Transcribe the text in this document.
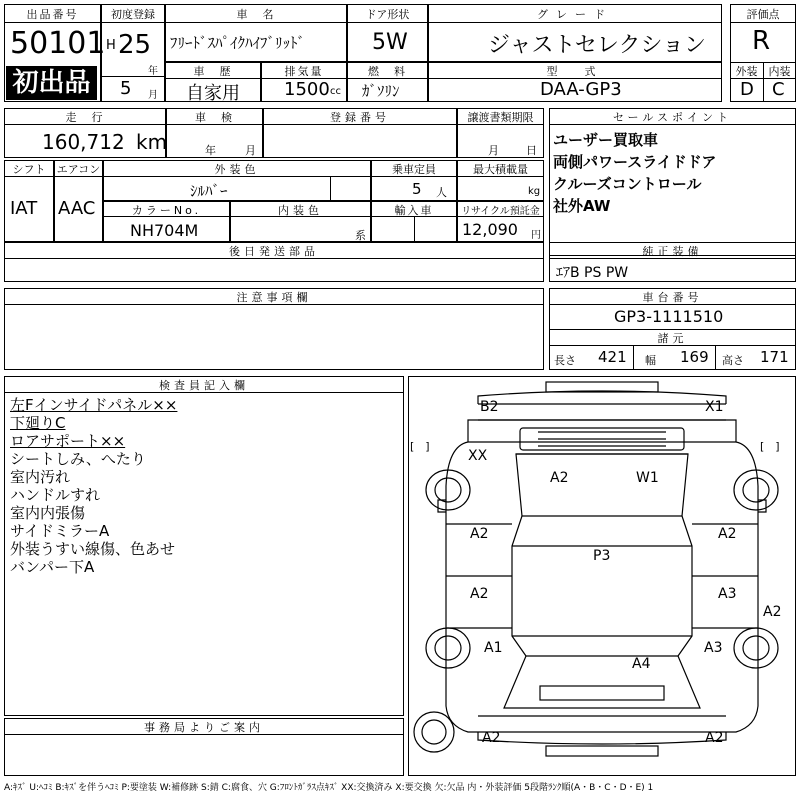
出品番号
50101
初出品
初度登録
H 25
年
5 月
車　名
ﾌﾘｰﾄﾞｽﾊﾟｲｸﾊｲﾌﾞﾘｯﾄﾞ
ドア形状
5W
グレード
ジャストセレクション
評価点
R
外装	内装
D C
車　歴
自家用
排気量
1500 cc
燃　料
ｶﾞｿﾘﾝ
型　式
DAA-GP3
走　行
160,712 km
車　検
年	月
登録番号	譲渡書類期限
月 日
セールスポイント
ユーザー買取車
両側パワースライドドア
クルーズコントロール
社外AW
シフト
IAT
エアコン
AAC
外装色
ｼﾙﾊﾞｰ
乗車定員
5 人
最大積載量
kg
カラーNo.
NH704M
内装色
系
輸入車	リサイクル預託金
12,090 円
後日発送部品	純正装備
ｴｱB PS PW
注意事項欄	車台番号
GP3-1111510
諸元
長さ 421 幅 169 高さ 171
検査員記入欄
左Fインサイドパネル××
下廻りC
ロアサポート××
シートしみ、へたり
室内汚れ
ハンドルすれ
室内内張傷
サイドミラーA
外装うすい線傷、色あせ
バンパー下A
事務局よりご案内
B2	X1
[　]	[　]
XX
A2	W1
A2	A2
P3
A2	A3
A2
A1	A3
A4
A2	A2
A:ｷｽﾞ U:ﾍｺﾐ B:ｷｽﾞを伴うﾍｺﾐ P:要塗装 W:補修跡 S:錆 C:腐食、穴 G:ﾌﾛﾝﾄｶﾞﾗｽ点ｷｽﾞ XX:交換済み X:要交換 欠:欠品 内・外装評価 5段階ﾗﾝｸ順(A・B・C・D・E) 1
